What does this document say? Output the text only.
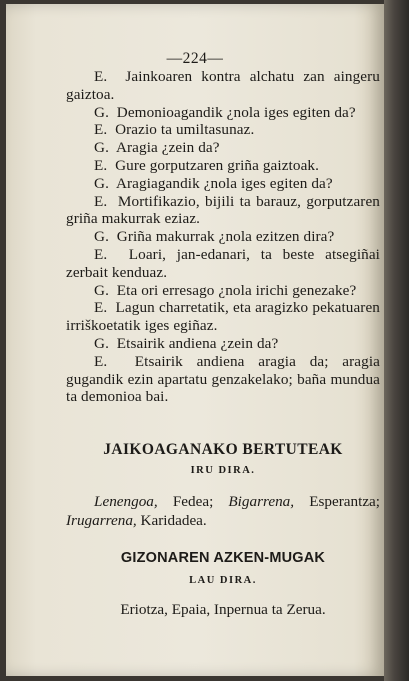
—224—
E. Jainkoaren kontra alchatu zan aingeru gaiztoa.
G. Demonioagandik ¿nola iges egiten da?
E. Orazio ta umiltasunaz.
G. Aragia ¿zein da?
E. Gure gorputzaren griña gaiztoak.
G. Aragiagandik ¿nola iges egiten da?
E. Mortifikazio, bijili ta barauz, gorputzaren griña makurrak eziaz.
G. Griña makurrak ¿nola ezitzen dira?
E. Loari, jan-edanari, ta beste atsegiñai zerbait kenduaz.
G. Eta ori erresago ¿nola irichi genezake?
E. Lagun charretatik, eta aragizko pekatuaren irriškoetatik iges egiñaz.
G. Etsairik andiena ¿zein da?
E. Etsairik andiena aragia da; aragia gugandik ezin apartatu genzakelako; baña mundua ta demonioa bai.
JAIKOAGANAKO BERTUTEAK
IRU DIRA.

Lenengoa, Fedea; Bigarrena, Esperantza; Irugarrena, Karidadea.

GIZONAREN AZKEN-MUGAK
LAU DIRA.

Eriotza, Epaia, Inpernua ta Zerua.
